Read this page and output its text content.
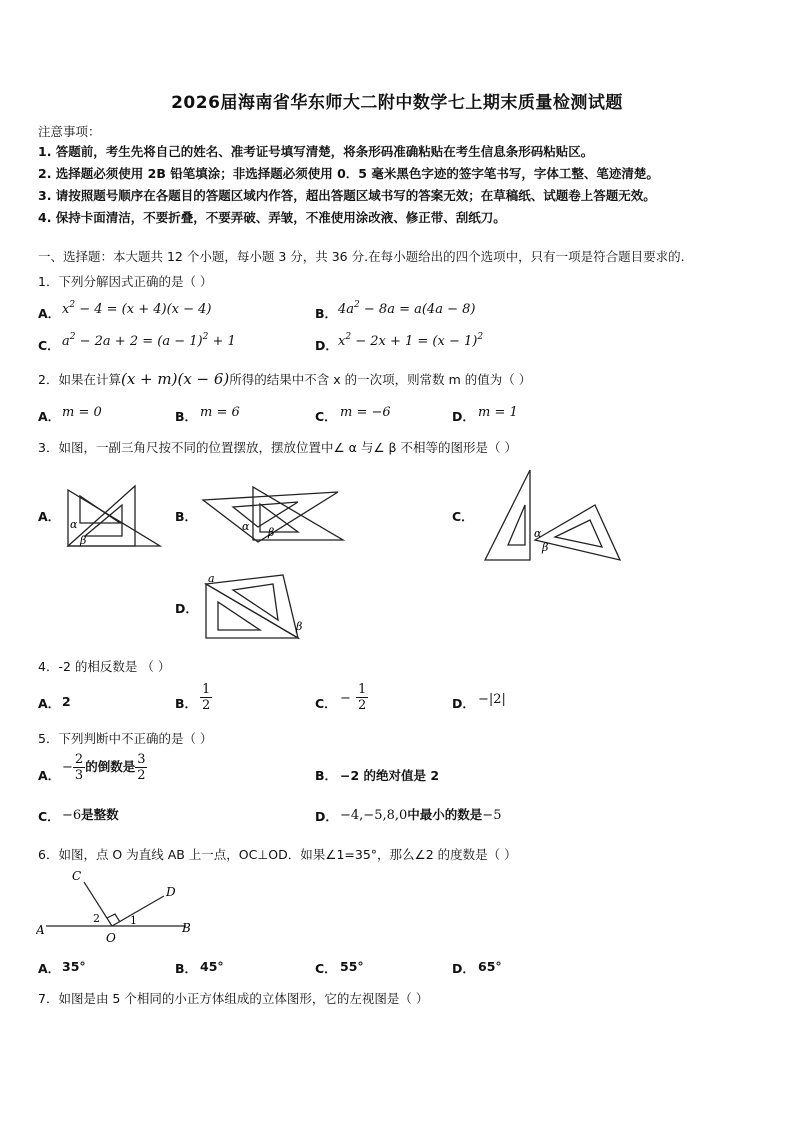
2026届海南省华东师大二附中数学七上期末质量检测试题
注意事项：
1. 答题前，考生先将自己的姓名、准考证号填写清楚，将条形码准确粘贴在考生信息条形码粘贴区。
2. 选择题必须使用 2B 铅笔填涂；非选择题必须使用 0．5 毫米黑色字迹的签字笔书写，字体工整、笔迹清楚。
3. 请按照题号顺序在各题目的答题区域内作答，超出答题区域书写的答案无效；在草稿纸、试题卷上答题无效。
4. 保持卡面清洁，不要折叠，不要弄破、弄皱，不准使用涂改液、修正带、刮纸刀。
一、选择题：本大题共 12 个小题，每小题 3 分，共 36 分.在每小题给出的四个选项中，只有一项是符合题目要求的.
1．下列分解因式正确的是（ ）
A． $x^2 - 4 = (x + 4)(x - 4)$	B． $4a^2 - 8a = a(4a - 8)$
C． $a^2 - 2a + 2 = (a - 1)^2 + 1$	D． $x^2 - 2x + 1 = (x - 1)^2$
2．如果在计算(x + m)(x − 6)所得的结果中不含 x 的一次项，则常数 m 的值为（ ）
A． m = 0	B． m = 6	C． m = −6	D． m = 1
3．如图，一副三角尺按不同的位置摆放，摆放位置中∠ α 与∠ β 不相等的图形是（ ）
A．
α
β
B．
α β
C．
α
β
D．
a
β
4．-2 的相反数是 （ ）
A． 2	B． $\frac{1}{2}$	C． − $\frac{1}{2}$	D． −|2|
5．下列判断中不正确的是（ ）
A．
− $\frac{2}{3}$ 的倒数是 $\frac{3}{2}$	B． −2 的绝对值是 2
C． −6是整数	D． −4,−5,8,0中最小的数是−5
6．如图，点 O 为直线 AB 上一点，OC⊥OD．如果∠1=35°，那么∠2 的度数是（ ）
A	B
C
D
O
1
2
A． 35°	B． 45°	C． 55°	D． 65°
7．如图是由 5 个相同的小正方体组成的立体图形，它的左视图是（ ）
